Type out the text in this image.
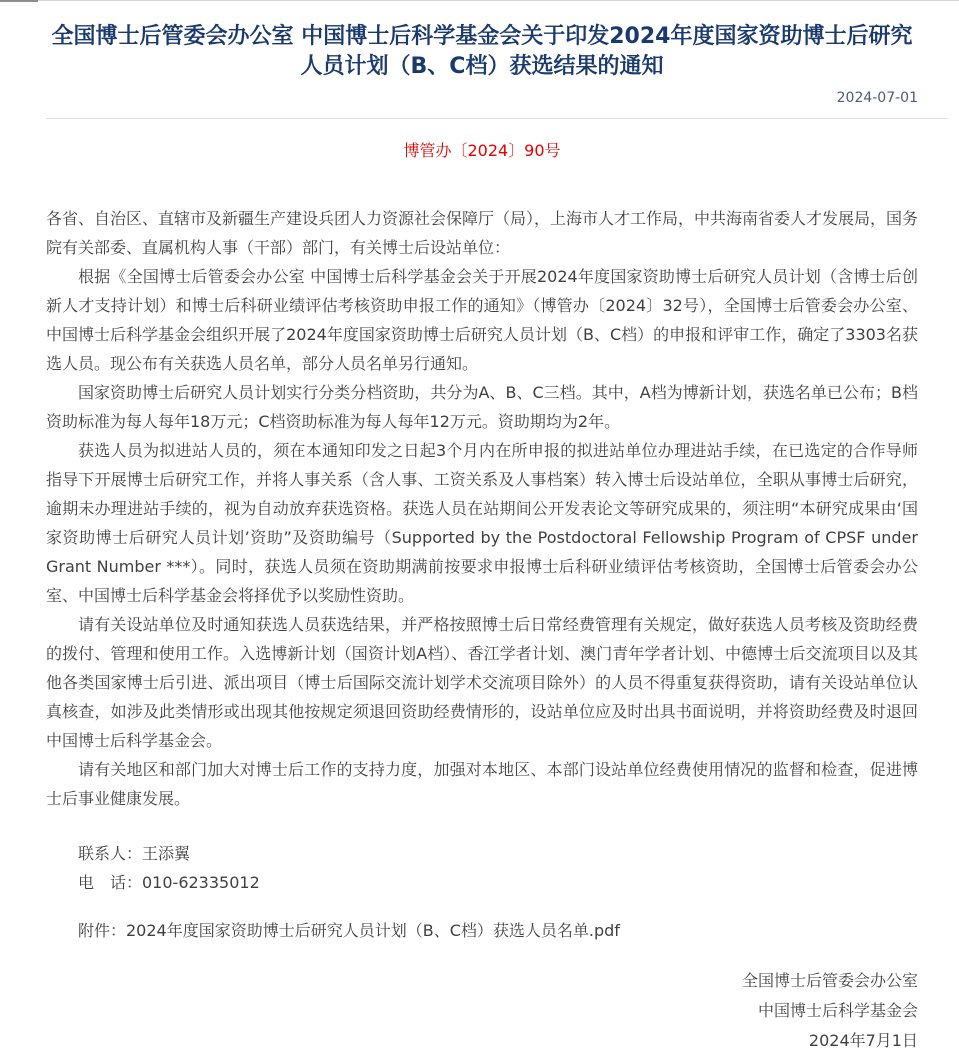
全国博士后管委会办公室 中国博士后科学基金会关于印发2024年度国家资助博士后研究人员计划（B、C档）获选结果的通知
2024-07-01
博管办〔2024〕90号

各省、自治区、直辖市及新疆生产建设兵团人力资源社会保障厅（局），上海市人才工作局，中共海南省委人才发展局，国务院有关部委、直属机构人事（干部）部门，有关博士后设站单位：

根据《全国博士后管委会办公室 中国博士后科学基金会关于开展2024年度国家资助博士后研究人员计划（含博士后创新人才支持计划）和博士后科研业绩评估考核资助申报工作的通知》（博管办〔2024〕32号），全国博士后管委会办公室、中国博士后科学基金会组织开展了2024年度国家资助博士后研究人员计划（B、C档）的申报和评审工作，确定了3303名获选人员。现公布有关获选人员名单，部分人员名单另行通知。

国家资助博士后研究人员计划实行分类分档资助，共分为A、B、C三档。其中，A档为博新计划，获选名单已公布；B档资助标准为每人每年18万元；C档资助标准为每人每年12万元。资助期均为2年。

获选人员为拟进站人员的，须在本通知印发之日起3个月内在所申报的拟进站单位办理进站手续，在已选定的合作导师指导下开展博士后研究工作，并将人事关系（含人事、工资关系及人事档案）转入博士后设站单位，全职从事博士后研究，逾期未办理进站手续的，视为自动放弃获选资格。获选人员在站期间公开发表论文等研究成果的，须注明“本研究成果由‘国家资助博士后研究人员计划’资助”及资助编号（Supported by the Postdoctoral Fellowship Program of CPSF under Grant Number ***）。同时，获选人员须在资助期满前按要求申报博士后科研业绩评估考核资助，全国博士后管委会办公室、中国博士后科学基金会将择优予以奖励性资助。

请有关设站单位及时通知获选人员获选结果，并严格按照博士后日常经费管理有关规定，做好获选人员考核及资助经费的拨付、管理和使用工作。入选博新计划（国资计划A档）、香江学者计划、澳门青年学者计划、中德博士后交流项目以及其他各类国家博士后引进、派出项目（博士后国际交流计划学术交流项目除外）的人员不得重复获得资助，请有关设站单位认真核查，如涉及此类情形或出现其他按规定须退回资助经费情形的，设站单位应及时出具书面说明，并将资助经费及时退回中国博士后科学基金会。

请有关地区和部门加大对博士后工作的支持力度，加强对本地区、本部门设站单位经费使用情况的监督和检查，促进博士后事业健康发展。

联系人：王添翼

电　话：010-62335012

附件：2024年度国家资助博士后研究人员计划（B、C档）获选人员名单.pdf

全国博士后管委会办公室

中国博士后科学基金会

2024年7月1日
